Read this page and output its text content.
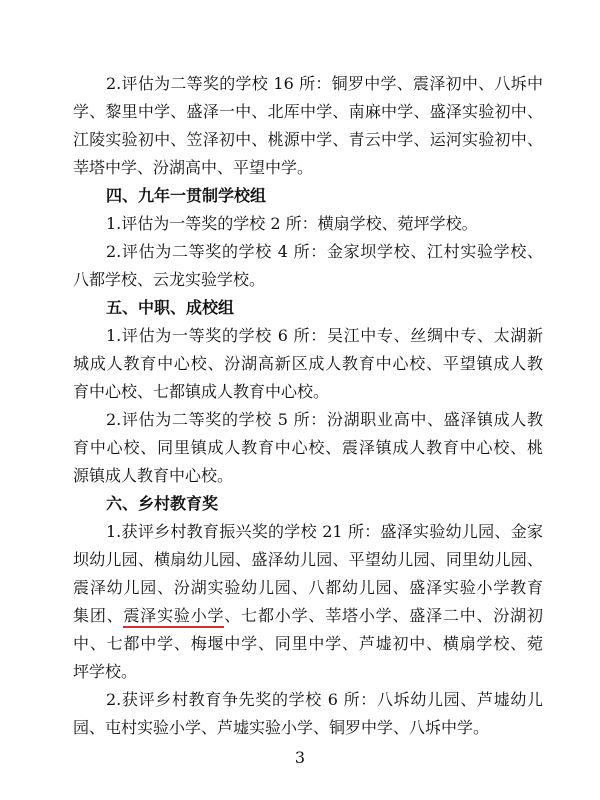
2.评估为二等奖的学校 16 所：铜罗中学、震泽初中、八坼中
学、黎里中学、盛泽一中、北厍中学、南麻中学、盛泽实验初中、
江陵实验初中、笠泽初中、桃源中学、青云中学、运河实验初中、
莘塔中学、汾湖高中、平望中学。
四、九年一贯制学校组
1.评估为一等奖的学校 2 所：横扇学校、菀坪学校。
2.评估为二等奖的学校 4 所：金家坝学校、江村实验学校、
八都学校、云龙实验学校。
五、中职、成校组
1.评估为一等奖的学校 6 所：吴江中专、丝绸中专、太湖新
城成人教育中心校、汾湖高新区成人教育中心校、平望镇成人教
育中心校、七都镇成人教育中心校。
2.评估为二等奖的学校 5 所：汾湖职业高中、盛泽镇成人教
育中心校、同里镇成人教育中心校、震泽镇成人教育中心校、桃
源镇成人教育中心校。
六、乡村教育奖
1.获评乡村教育振兴奖的学校 21 所：盛泽实验幼儿园、金家
坝幼儿园、横扇幼儿园、盛泽幼儿园、平望幼儿园、同里幼儿园、
震泽幼儿园、汾湖实验幼儿园、八都幼儿园、盛泽实验小学教育
集团、震泽实验小学、七都小学、莘塔小学、盛泽二中、汾湖初
中、七都中学、梅堰中学、同里中学、芦墟初中、横扇学校、菀
坪学校。
2.获评乡村教育争先奖的学校 6 所：八坼幼儿园、芦墟幼儿
园、屯村实验小学、芦墟实验小学、铜罗中学、八坼中学。
3
